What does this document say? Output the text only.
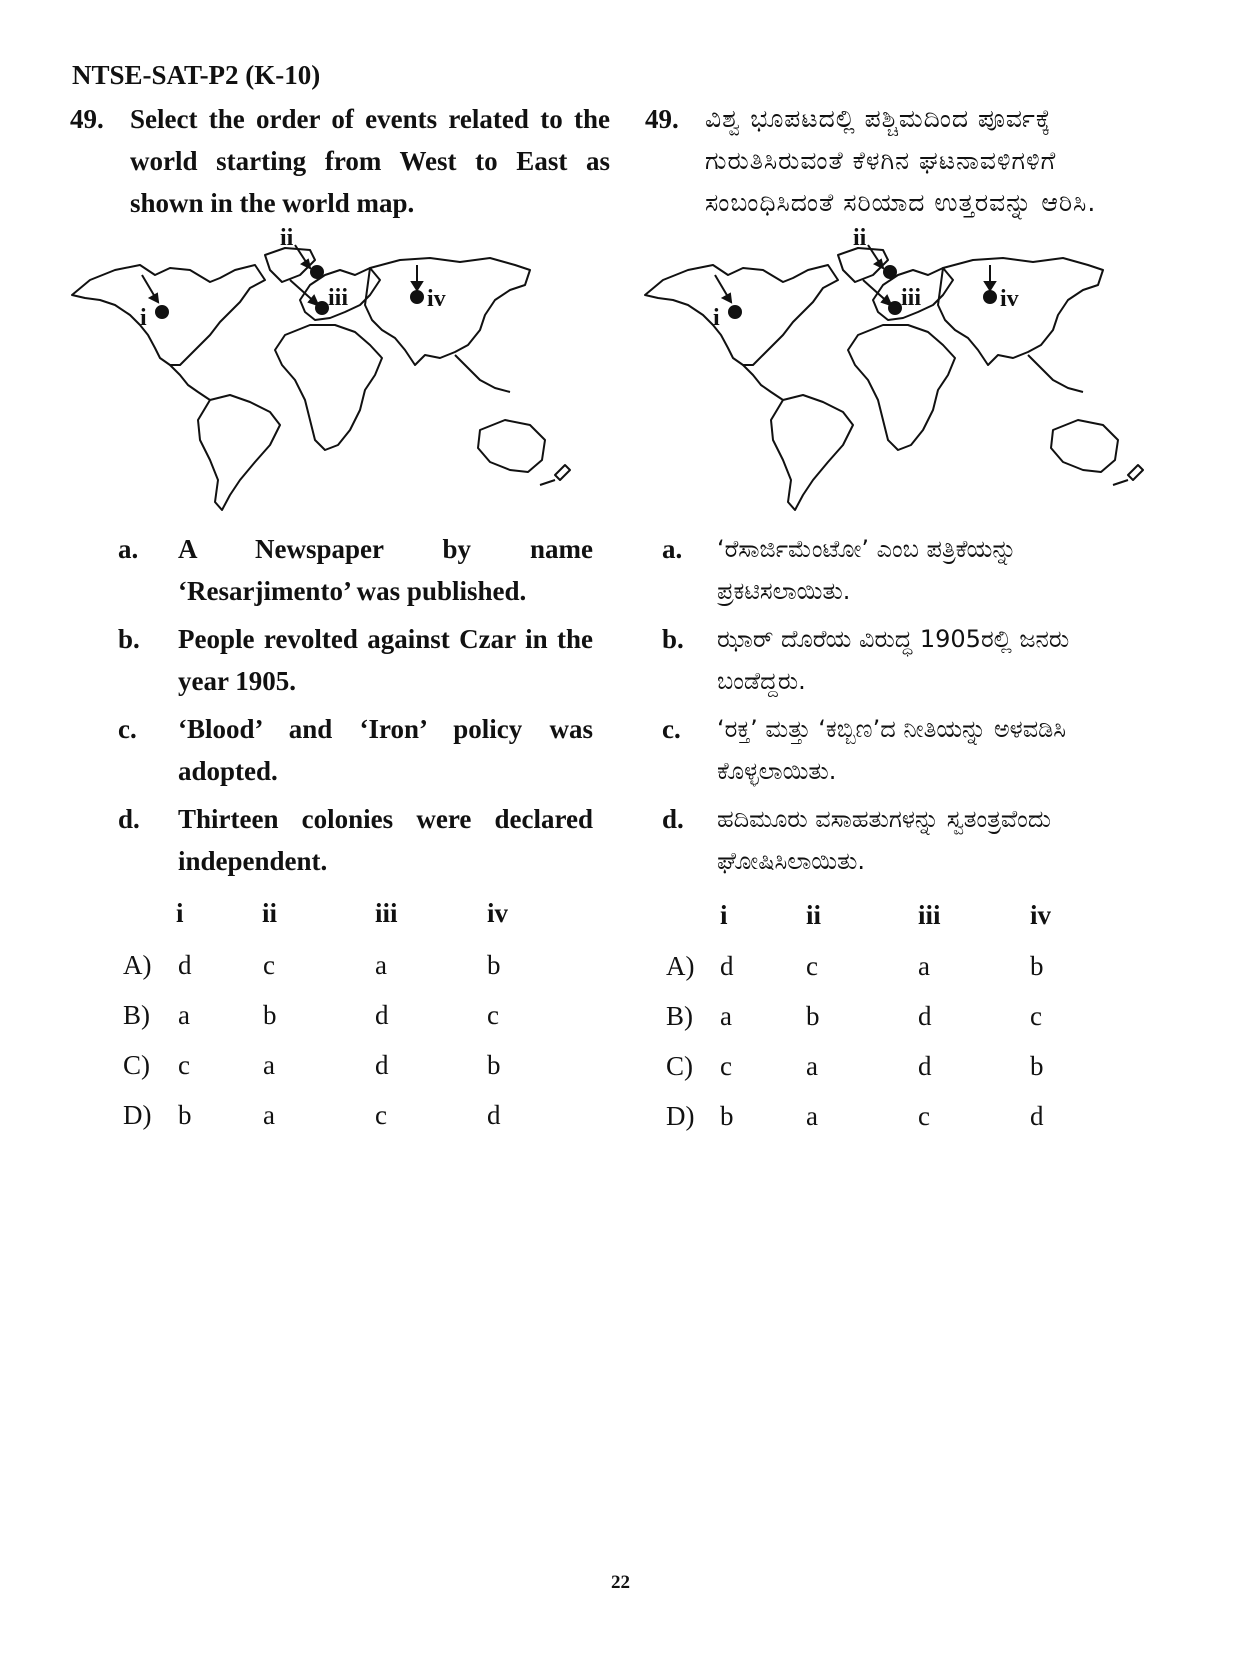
NTSE-SAT-P2 (K-10)
49. Select the order of events related to the world starting from West to East as shown in the world map.
49. ವಿಶ್ವ ಭೂಪಟದಲ್ಲಿ ಪಶ್ಚಿಮದಿಂದ ಪೂರ್ವಕ್ಕೆ ಗುರುತಿಸಿರುವಂತೆ ಕೆಳಗಿನ ಘಟನಾವಳಿಗಳಿಗೆ ಸಂಬಂಧಿಸಿದಂತೆ ಸರಿಯಾದ ಉತ್ತರವನ್ನು ಆರಿಸಿ.
i
ii
iii	iv
i
ii
iii	iv
a. A Newspaper by name ‘Resarjimento’ was published.
b. People revolted against Czar in the year 1905.
c. ‘Blood’ and ‘Iron’ policy was adopted.
d. Thirteen colonies were declared independent.
a. ‘ರೆಸಾರ್ಜಿಮೆಂಟೋ’ ಎಂಬ ಪತ್ರಿಕೆಯನ್ನು ಪ್ರಕಟಿಸಲಾಯಿತು.
b. ಝಾರ್ ದೊರೆಯ ವಿರುದ್ಧ 1905ರಲ್ಲಿ ಜನರು ಬಂಡೆದ್ದರು.
c. ‘ರಕ್ತ’ ಮತ್ತು ‘ಕಬ್ಬಿಣ’ದ ನೀತಿಯನ್ನು ಅಳವಡಿಸಿ ಕೊಳ್ಳಲಾಯಿತು.
d. ಹದಿಮೂರು ವಸಾಹತುಗಳನ್ನು ಸ್ವತಂತ್ರವೆಂದು ಘೋಷಿಸಿಲಾಯಿತು.
i	ii	iii	iv
A) d	c	a	b
B) a	b	d	c
C) c	a	d	b
D) b	a	c	d
i	ii	iii	iv
A) d	c	a	b
B) a	b	d	c
C) c	a	d	b
D) b	a	c	d
22
